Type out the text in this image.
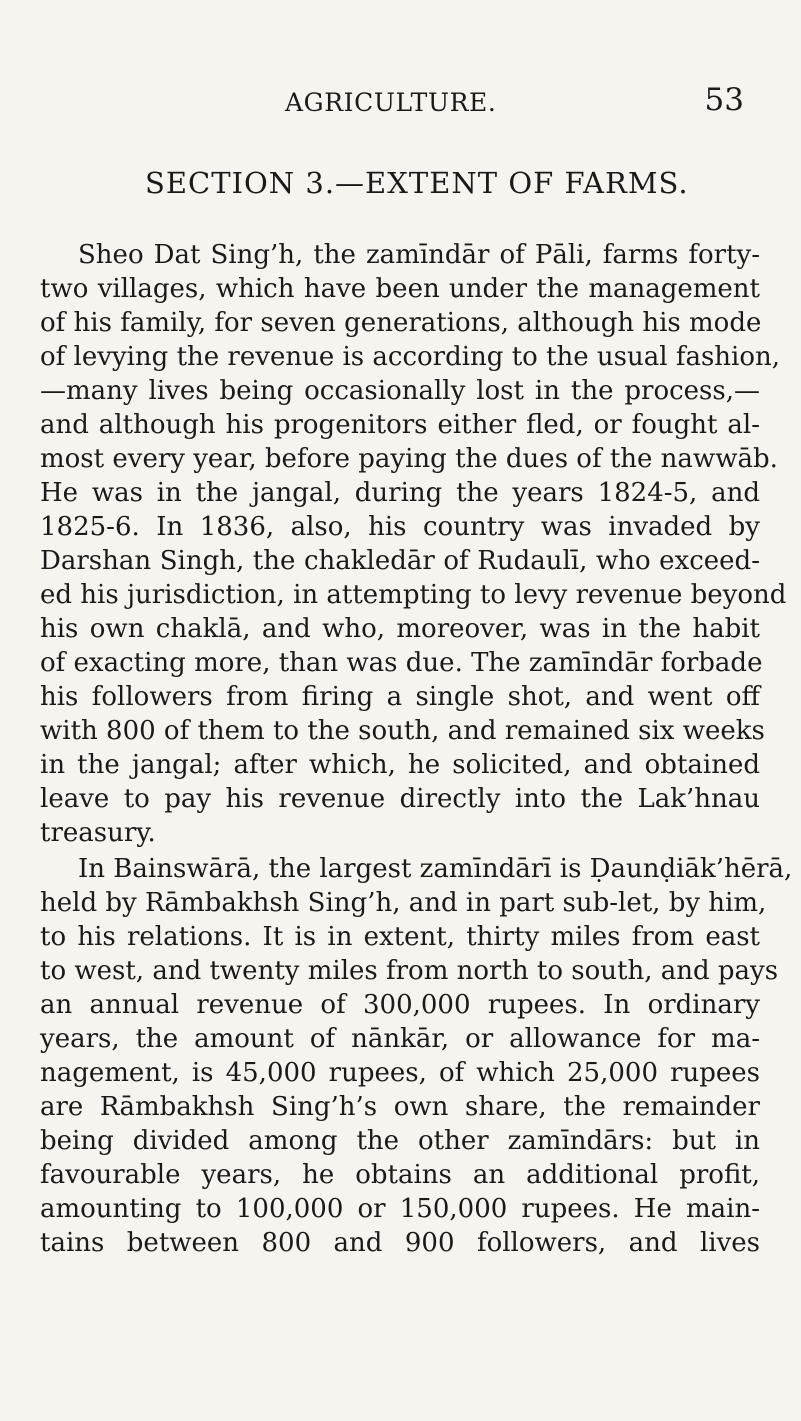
AGRICULTURE.	53
SECTION 3.—EXTENT OF FARMS.
Sheo Dat Sing’h, the zamīndār of Pāli, farms forty-
two villages, which have been under the management
of his family, for seven generations, although his mode
of levying the revenue is according to the usual fashion,
—many lives being occasionally lost in the process,—
and although his progenitors either fled, or fought al-
most every year, before paying the dues of the nawwāb.
He was in the jangal, during the years 1824-5, and
1825-6. In 1836, also, his country was invaded by
Darshan Singh, the chakledār of Rudaulī, who exceed-
ed his jurisdiction, in attempting to levy revenue beyond
his own chaklā, and who, moreover, was in the habit
of exacting more, than was due. The zamīndār forbade
his followers from firing a single shot, and went off
with 800 of them to the south, and remained six weeks
in the jangal; after which, he solicited, and obtained
leave to pay his revenue directly into the Lak’hnau
treasury.
In Bainswārā, the largest zamīndārī is Ḍaunḍiāk’hērā,
held by Rāmbakhsh Sing’h, and in part sub-let, by him,
to his relations. It is in extent, thirty miles from east
to west, and twenty miles from north to south, and pays
an annual revenue of 300,000 rupees. In ordinary
years, the amount of nānkār, or allowance for ma-
nagement, is 45,000 rupees, of which 25,000 rupees
are Rāmbakhsh Sing’h’s own share, the remainder
being divided among the other zamīndārs: but in
favourable years, he obtains an additional profit,
amounting to 100,000 or 150,000 rupees. He main-
tains between 800 and 900 followers, and lives
